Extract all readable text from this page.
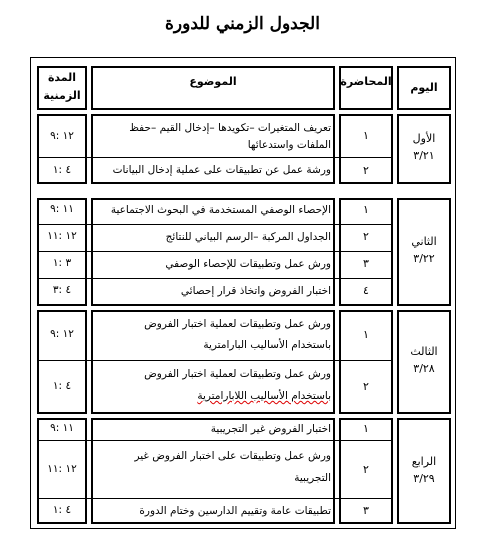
الجدول الزمني للدورة
اليوم
المحاضرة
الموضوع
المدة
الزمنية
الأول
٣/٢١
١
تعريف المتغيرات –تكويدها –إدخال القيم –حفظ الملفات واستدعائها
١٢ :٩
٢
ورشة عمل عن تطبيقات على عملية إدخال البيانات
٤ :١
الثاني
٣/٢٢
١
الإحصاء الوصفي المستخدمة في البحوث الاجتماعية
١١ :٩
٢
الجداول المركبة –الرسم البياني للنتائج
١٢ :١١
٣
ورش عمل وتطبيقات للإحصاء الوصفي
٣ :١
٤
اختبار الفروض واتخاذ قرار إحصائي
٤ :٣
الثالث
٣/٢٨
١
ورش عمل وتطبيقات لعملية اختبار الفروض
باستخدام الأساليب البارامترية
١٢ :٩
٢
ورش عمل وتطبيقات لعملية اختبار الفروض
باستخدام الأساليب اللابارامترية
٤ :١
الرابع
٣/٢٩
١
اختبار الفروض غير التجريبية
١١ :٩
٢
ورش عمل وتطبيقات على اختبار الفروض غير
التجريبية
١٢ :١١
٣
تطبيقات عامة وتقييم الدارسين وختام الدورة
٤ :١
